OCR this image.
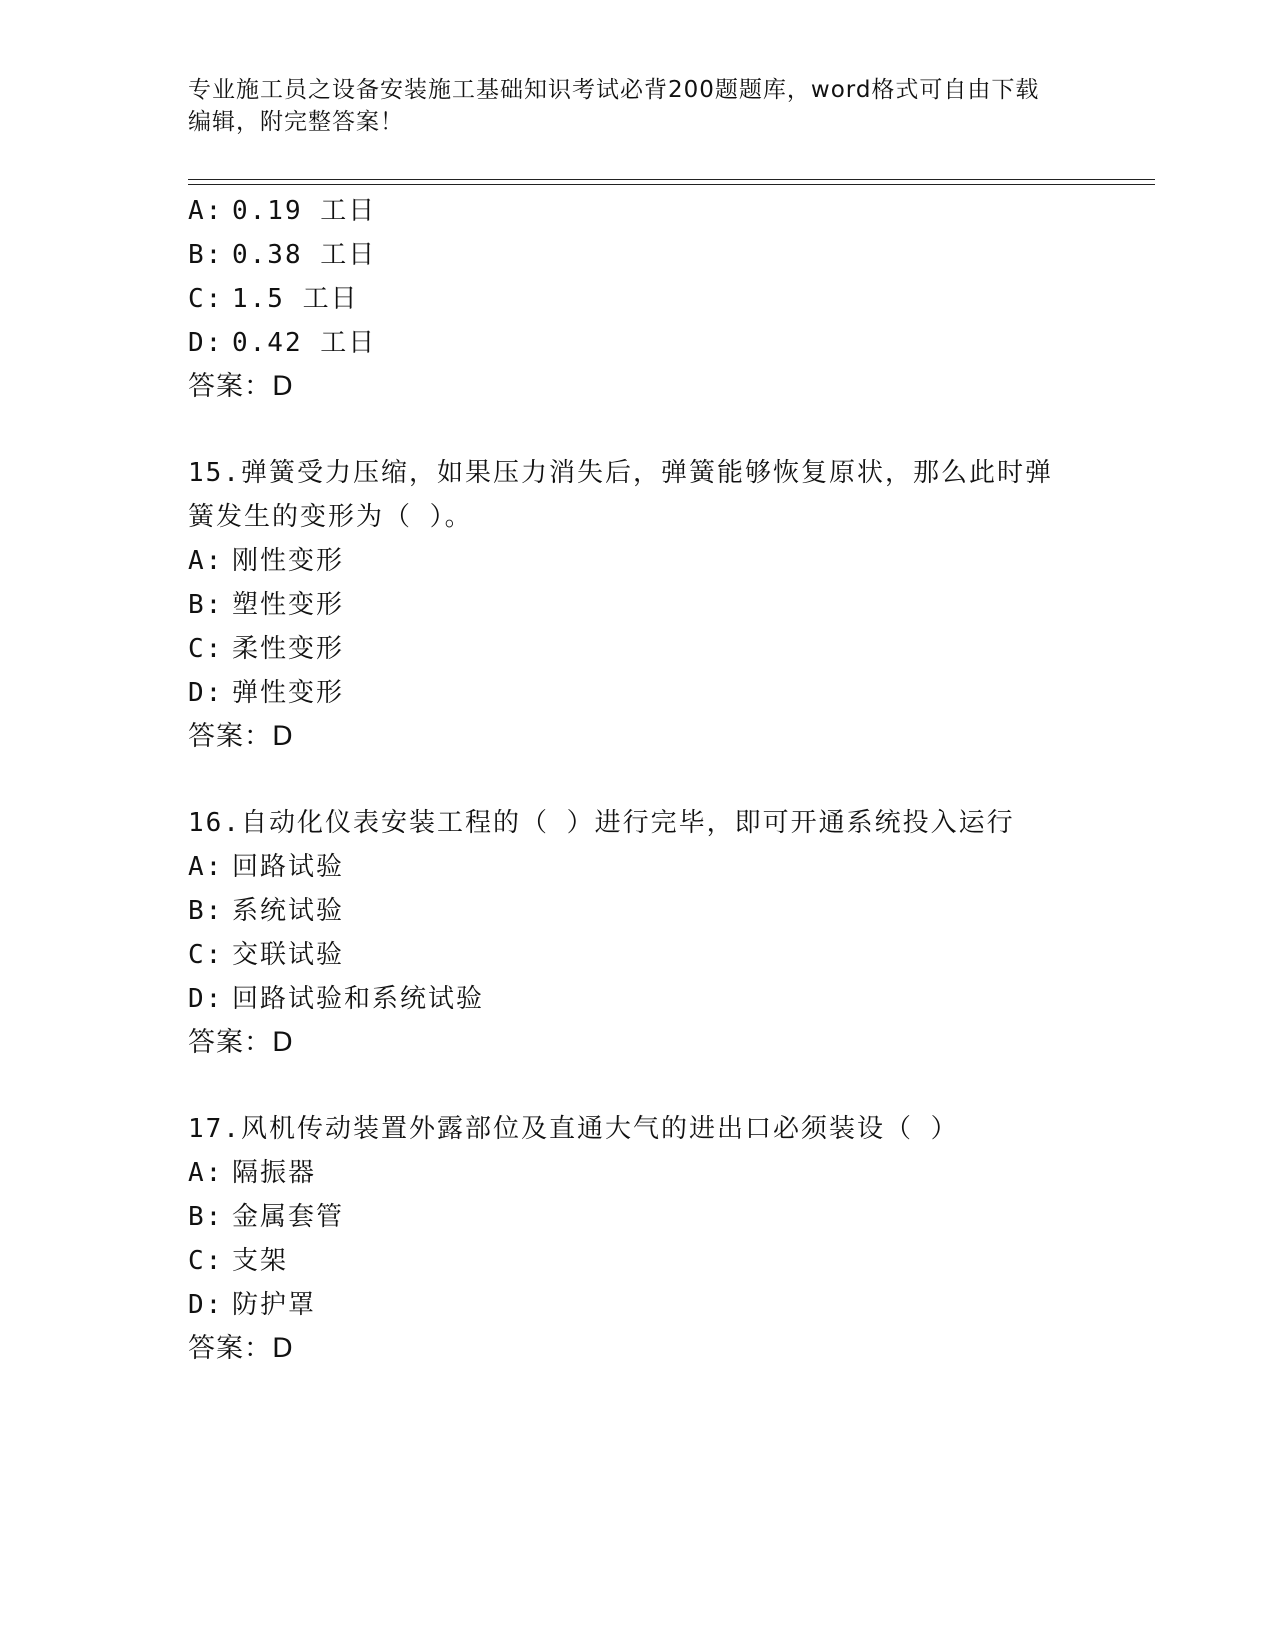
专业施工员之设备安装施工基础知识考试必背200题题库，word格式可自由下载
编辑，附完整答案！
A: 0.19 工日
B: 0.38 工日
C: 1.5 工日
D: 0.42 工日
答案：D
15.弹簧受力压缩，如果压力消失后，弹簧能够恢复原状，那么此时弹
簧发生的变形为（ ）。
A: 刚性变形
B: 塑性变形
C: 柔性变形
D: 弹性变形
答案：D
16.自动化仪表安装工程的（ ）进行完毕，即可开通系统投入运行
A: 回路试验
B: 系统试验
C: 交联试验
D: 回路试验和系统试验
答案：D
17.风机传动装置外露部位及直通大气的进出口必须装设（ ）
A: 隔振器
B: 金属套管
C: 支架
D: 防护罩
答案：D
